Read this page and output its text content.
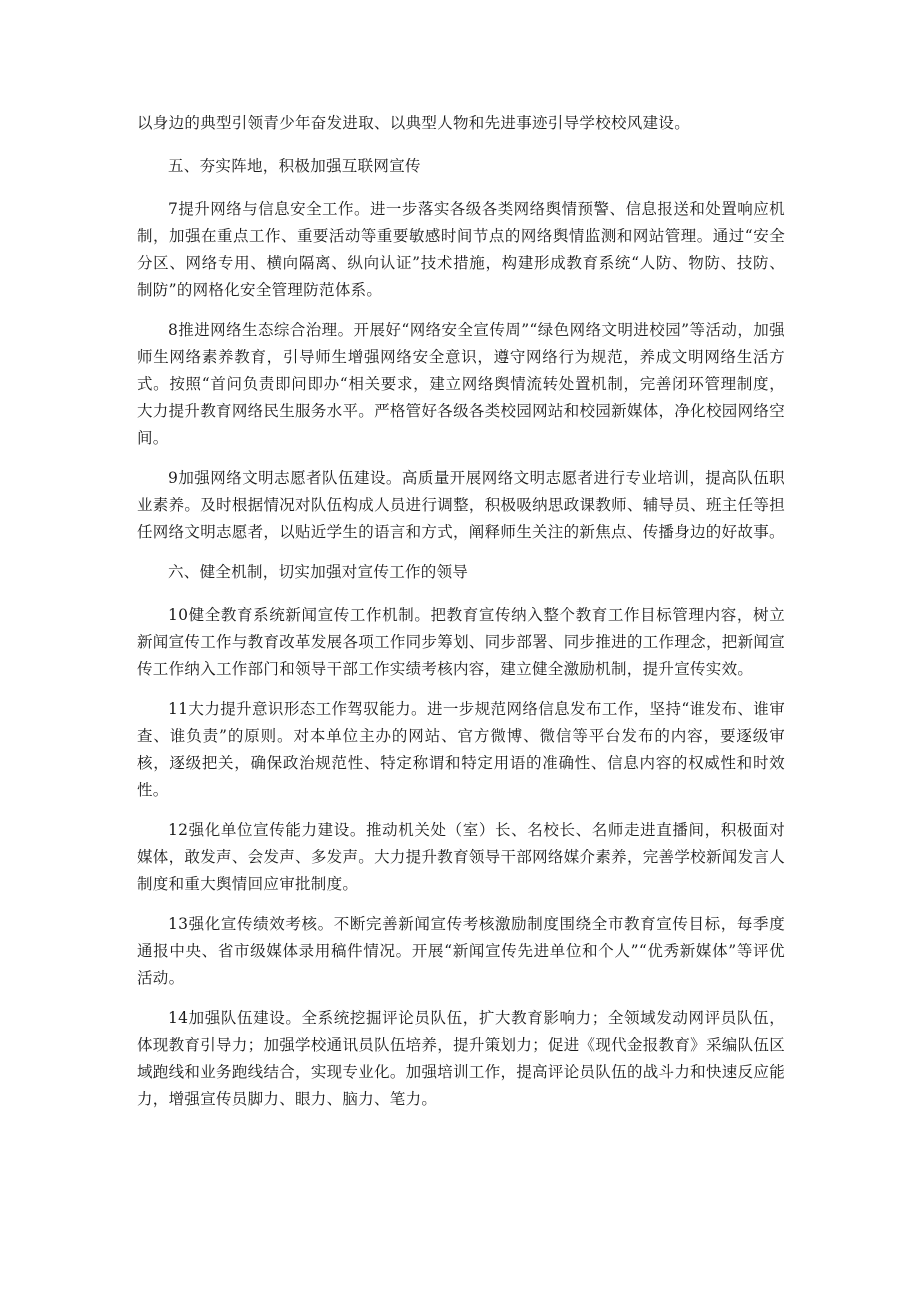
以身边的典型引领青少年奋发进取、以典型人物和先进事迹引导学校校风建设。

五、夯实阵地，积极加强互联网宣传

7提升网络与信息安全工作。进一步落实各级各类网络舆情预警、信息报送和处置响应机制，加强在重点工作、重要活动等重要敏感时间节点的网络舆情监测和网站管理。通过“安全分区、网络专用、横向隔离、纵向认证”技术措施，构建形成教育系统“人防、物防、技防、制防”的网格化安全管理防范体系。

8推进网络生态综合治理。开展好“网络安全宣传周”“绿色网络文明进校园”等活动，加强师生网络素养教育，引导师生增强网络安全意识，遵守网络行为规范，养成文明网络生活方式。按照“首问负责即问即办“相关要求，建立网络舆情流转处置机制，完善闭环管理制度，大力提升教育网络民生服务水平。严格管好各级各类校园网站和校园新媒体，净化校园网络空间。

9加强网络文明志愿者队伍建设。高质量开展网络文明志愿者进行专业培训，提高队伍职业素养。及时根据情况对队伍构成人员进行调整，积极吸纳思政课教师、辅导员、班主任等担任网络文明志愿者，以贴近学生的语言和方式，阐释师生关注的新焦点、传播身边的好故事。

六、健全机制，切实加强对宣传工作的领导

10健全教育系统新闻宣传工作机制。把教育宣传纳入整个教育工作目标管理内容，树立新闻宣传工作与教育改革发展各项工作同步筹划、同步部署、同步推进的工作理念，把新闻宣传工作纳入工作部门和领导干部工作实绩考核内容，建立健全激励机制，提升宣传实效。

11大力提升意识形态工作驾驭能力。进一步规范网络信息发布工作，坚持“谁发布、谁审查、谁负责”的原则。对本单位主办的网站、官方微博、微信等平台发布的内容，要逐级审核，逐级把关，确保政治规范性、特定称谓和特定用语的准确性、信息内容的权威性和时效性。

12强化单位宣传能力建设。推动机关处（室）长、名校长、名师走进直播间，积极面对媒体，敢发声、会发声、多发声。大力提升教育领导干部网络媒介素养，完善学校新闻发言人制度和重大舆情回应审批制度。

13强化宣传绩效考核。不断完善新闻宣传考核激励制度围绕全市教育宣传目标，每季度通报中央、省市级媒体录用稿件情况。开展“新闻宣传先进单位和个人”“优秀新媒体”等评优活动。

14加强队伍建设。全系统挖掘评论员队伍，扩大教育影响力；全领域发动网评员队伍，体现教育引导力；加强学校通讯员队伍培养，提升策划力；促进《现代金报教育》采编队伍区域跑线和业务跑线结合，实现专业化。加强培训工作，提高评论员队伍的战斗力和快速反应能力，增强宣传员脚力、眼力、脑力、笔力。
